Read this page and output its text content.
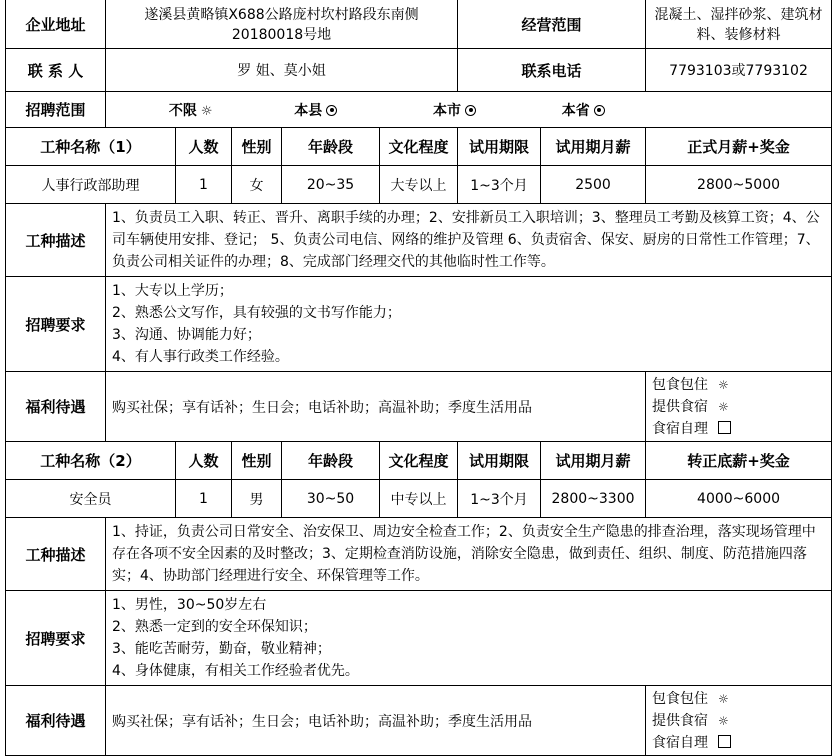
企业地址	遂溪县黄略镇X688公路庞村坎村路段东南侧20180018号地					经营范围		混凝土、湿拌砂浆、建筑材料、装修材料
联 系 人	罗 姐、莫小姐					联系电话		7793103或7793102
招聘范围	不限 ☼ 本县 本市 本省							
工种名称（1）		人数	性别	年龄段	文化程度	试用期限	试用期月薪	正式月薪+奖金
人事行政部助理		1	女	20~35	大专以上	1~3个月	2500	2800~5000
工种描述	1、负责员工入职、转正、晋升、离职手续的办理；2、安排新员工入职培训；3、整理员工考勤及核算工资；4、公司车辆使用安排、登记； 5、负责公司电信、网络的维护及管理 6、负责宿舍、保安、厨房的日常性工作管理；7、负责公司相关证件的办理；8、完成部门经理交代的其他临时性工作等。							
招聘要求	1、大专以上学历；
2、熟悉公文写作，具有较强的文书写作能力；
3、沟通、协调能力好；
4、有人事行政类工作经验。							

福利待遇	购买社保；享有话补；生日会；电话补助；高温补助；季度生活用品							包食包住 ☼
提供食宿 ☼
食宿自理

工种名称（2）		人数	性别	年龄段	文化程度	试用期限	试用期月薪	转正底薪+奖金
安全员		1	男	30~50	中专以上	1~3个月	2800~3300	4000~6000
工种描述	1、持证，负责公司日常安全、治安保卫、周边安全检查工作；2、负责安全生产隐患的排查治理，落实现场管理中存在各项不安全因素的及时整改；3、定期检查消防设施，消除安全隐患，做到责任、组织、制度、防范措施四落实；4、协助部门经理进行安全、环保管理等工作。							
招聘要求	1、男性，30~50岁左右
2、熟悉一定到的安全环保知识；
3、能吃苦耐劳，勤奋，敬业精神；
4、身体健康，有相关工作经验者优先。							

福利待遇	购买社保；享有话补；生日会；电话补助；高温补助；季度生活用品							包食包住 ☼
提供食宿 ☼
食宿自理
